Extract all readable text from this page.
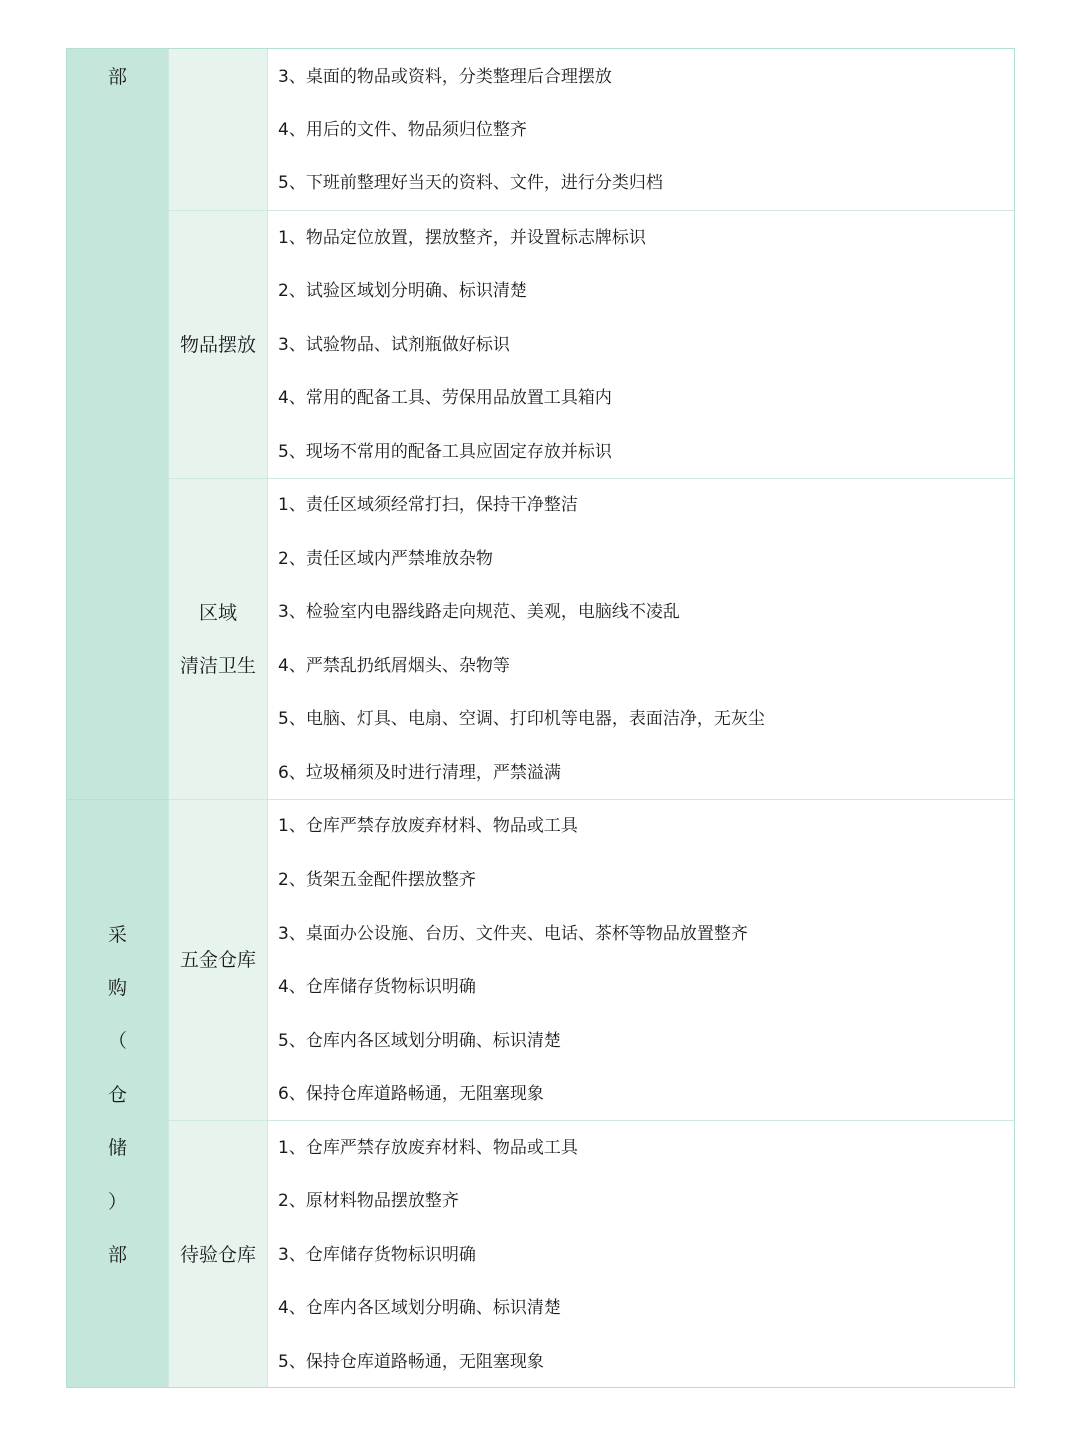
部
采
购
（
仓
储
）
部
物品摆放
区域
清洁卫生
五金仓库
待验仓库
3、桌面的物品或资料，分类整理后合理摆放
4、用后的文件、物品须归位整齐
5、下班前整理好当天的资料、文件，进行分类归档
1、物品定位放置，摆放整齐，并设置标志牌标识
2、试验区域划分明确、标识清楚
3、试验物品、试剂瓶做好标识
4、常用的配备工具、劳保用品放置工具箱内
5、现场不常用的配备工具应固定存放并标识
1、责任区域须经常打扫，保持干净整洁
2、责任区域内严禁堆放杂物
3、检验室内电器线路走向规范、美观，电脑线不凌乱
4、严禁乱扔纸屑烟头、杂物等
5、电脑、灯具、电扇、空调、打印机等电器，表面洁净，无灰尘
6、垃圾桶须及时进行清理，严禁溢满
1、仓库严禁存放废弃材料、物品或工具
2、货架五金配件摆放整齐
3、桌面办公设施、台历、文件夹、电话、茶杯等物品放置整齐
4、仓库储存货物标识明确
5、仓库内各区域划分明确、标识清楚
6、保持仓库道路畅通，无阻塞现象
1、仓库严禁存放废弃材料、物品或工具
2、原材料物品摆放整齐
3、仓库储存货物标识明确
4、仓库内各区域划分明确、标识清楚
5、保持仓库道路畅通，无阻塞现象
